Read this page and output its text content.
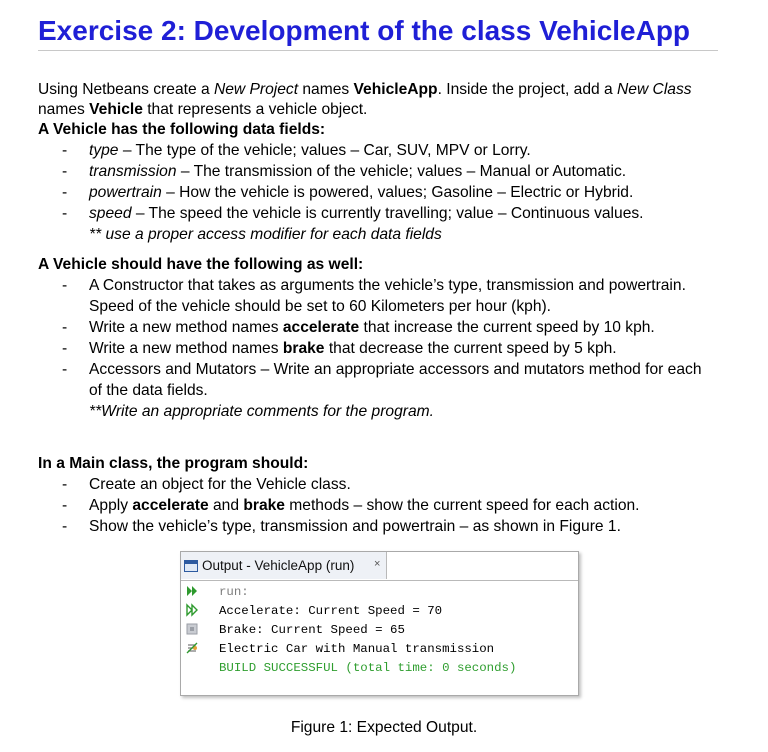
Exercise 2: Development of the class VehicleApp
Using Netbeans create a New Project names VehicleApp. Inside the project, add a New Class names Vehicle that represents a vehicle object.
A Vehicle has the following data fields:
- type – The type of the vehicle; values – Car, SUV, MPV or Lorry.
- transmission – The transmission of the vehicle; values – Manual or Automatic.
- powertrain – How the vehicle is powered, values; Gasoline – Electric or Hybrid.
- speed – The speed the vehicle is currently travelling; value – Continuous values.
** use a proper access modifier for each data fields
A Vehicle should have the following as well:
- A Constructor that takes as arguments the vehicle’s type, transmission and powertrain. Speed of the vehicle should be set to 60 Kilometers per hour (kph).
- Write a new method names accelerate that increase the current speed by 10 kph.
- Write a new method names brake that decrease the current speed by 5 kph.
- Accessors and Mutators – Write an appropriate accessors and mutators method for each of the data fields.
**Write an appropriate comments for the program.
In a Main class, the program should:
- Create an object for the Vehicle class.
- Apply accelerate and brake methods – show the current speed for each action.
- Show the vehicle’s type, transmission and powertrain – as shown in Figure 1.
Output - VehicleApp (run) ×
run:
Accelerate: Current Speed = 70
Brake: Current Speed = 65
Electric Car with Manual transmission
BUILD SUCCESSFUL (total time: 0 seconds)
Figure 1: Expected Output.
